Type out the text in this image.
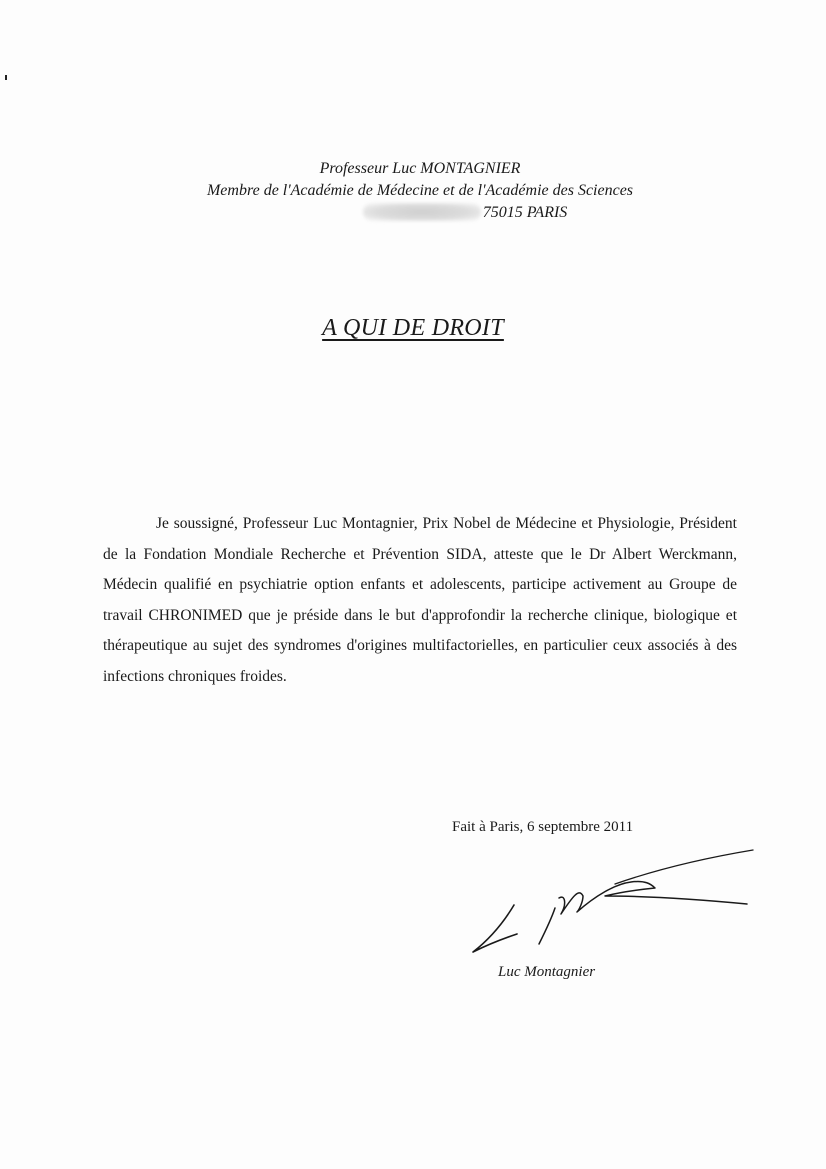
Professeur Luc MONTAGNIER
Membre de l'Académie de Médecine et de l'Académie des Sciences
75015 PARIS
A QUI DE DROIT

Je soussigné, Professeur Luc Montagnier, Prix Nobel de Médecine et Physiologie, Président de la Fondation Mondiale Recherche et Prévention SIDA, atteste que le Dr Albert Werckmann, Médecin qualifié en psychiatrie option enfants et adolescents, participe activement au Groupe de travail CHRONIMED que je préside dans le but d'approfondir la recherche clinique, biologique et thérapeutique au sujet des syndromes d'origines multifactorielles, en particulier ceux associés à des infections chroniques froides.

Fait à Paris, 6 septembre 2011
Luc Montagnier
